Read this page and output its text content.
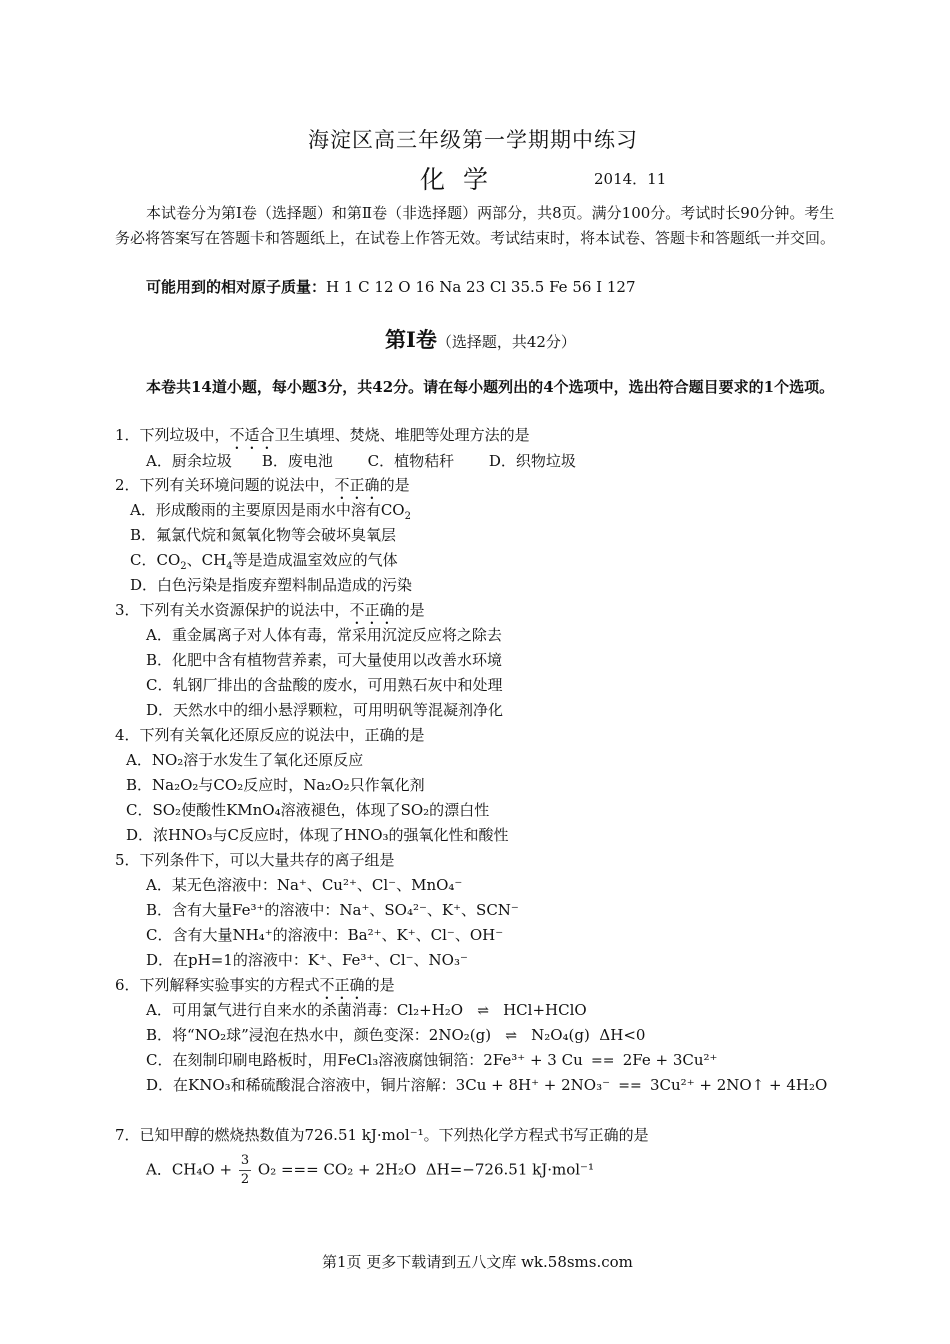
海淀区高三年级第一学期期中练习
化学	2014．11
本试卷分为第Ⅰ卷（选择题）和第Ⅱ卷（非选择题）两部分，共8页。满分100分。考试时长90分钟。考生务必将答案写在答题卡和答题纸上，在试卷上作答无效。考试结束时，将本试卷、答题卡和答题纸一并交回。
可能用到的相对原子质量：H 1 C 12 O 16 Na 23 Cl 35.5 Fe 56 I 127
第Ⅰ卷（选择题，共42分）
本卷共14道小题，每小题3分，共42分。请在每小题列出的4个选项中，选出符合题目要求的1个选项。
1．下列垃圾中，不适合卫生填埋、焚烧、堆肥等处理方法的是
A．厨余垃圾　　B．废电池　　 C．植物秸秆　　 D．织物垃圾
2．下列有关环境问题的说法中，不正确的是
A．形成酸雨的主要原因是雨水中溶有$CO_2$
B．氟氯代烷和氮氧化物等会破坏臭氧层
C．$CO_2$、$CH_4$等是造成温室效应的气体
D．白色污染是指废弃塑料制品造成的污染
3．下列有关水资源保护的说法中，不正确的是
A．重金属离子对人体有毒，常采用沉淀反应将之除去
B．化肥中含有植物营养素，可大量使用以改善水环境
C．轧钢厂排出的含盐酸的废水，可用熟石灰中和处理
D．天然水中的细小悬浮颗粒，可用明矾等混凝剂净化
4．下列有关氧化还原反应的说法中，正确的是
A．NO₂溶于水发生了氧化还原反应
B．Na₂O₂与CO₂反应时，Na₂O₂只作氧化剂
C．SO₂使酸性KMnO₄溶液褪色，体现了SO₂的漂白性
D．浓HNO₃与C反应时，体现了HNO₃的强氧化性和酸性
5．下列条件下，可以大量共存的离子组是
A．某无色溶液中：Na⁺、Cu²⁺、Cl⁻、MnO₄⁻
B．含有大量Fe³⁺的溶液中：Na⁺、SO₄²⁻、K⁺、SCN⁻
C．含有大量NH₄⁺的溶液中：Ba²⁺、K⁺、Cl⁻、OH⁻
D．在pH=1的溶液中：K⁺、Fe³⁺、Cl⁻、NO₃⁻
6．下列解释实验事实的方程式不正确的是
A．可用氯气进行自来水的杀菌消毒：Cl₂+H₂O ⇌ HCl+HClO
B．将“NO₂球”浸泡在热水中，颜色变深：2NO₂(g) ⇌ N₂O₄(g) ΔH<0
C．在刻制印刷电路板时，用FeCl₃溶液腐蚀铜箔：2Fe³⁺ + 3 Cu == 2Fe + 3Cu²⁺
D．在KNO₃和稀硫酸混合溶液中，铜片溶解：3Cu + 8H⁺ + 2NO₃⁻ == 3Cu²⁺ + 2NO↑ + 4H₂O
7．已知甲醇的燃烧热数值为726.51 kJ·mol⁻¹。下列热化学方程式书写正确的是
A．$CH_4O + \frac{3}{2} O_2$ === CO₂ + 2H₂O ΔH=−726.51 kJ·mol⁻¹
第1页 更多下载请到五八文库 wk.58sms.com
